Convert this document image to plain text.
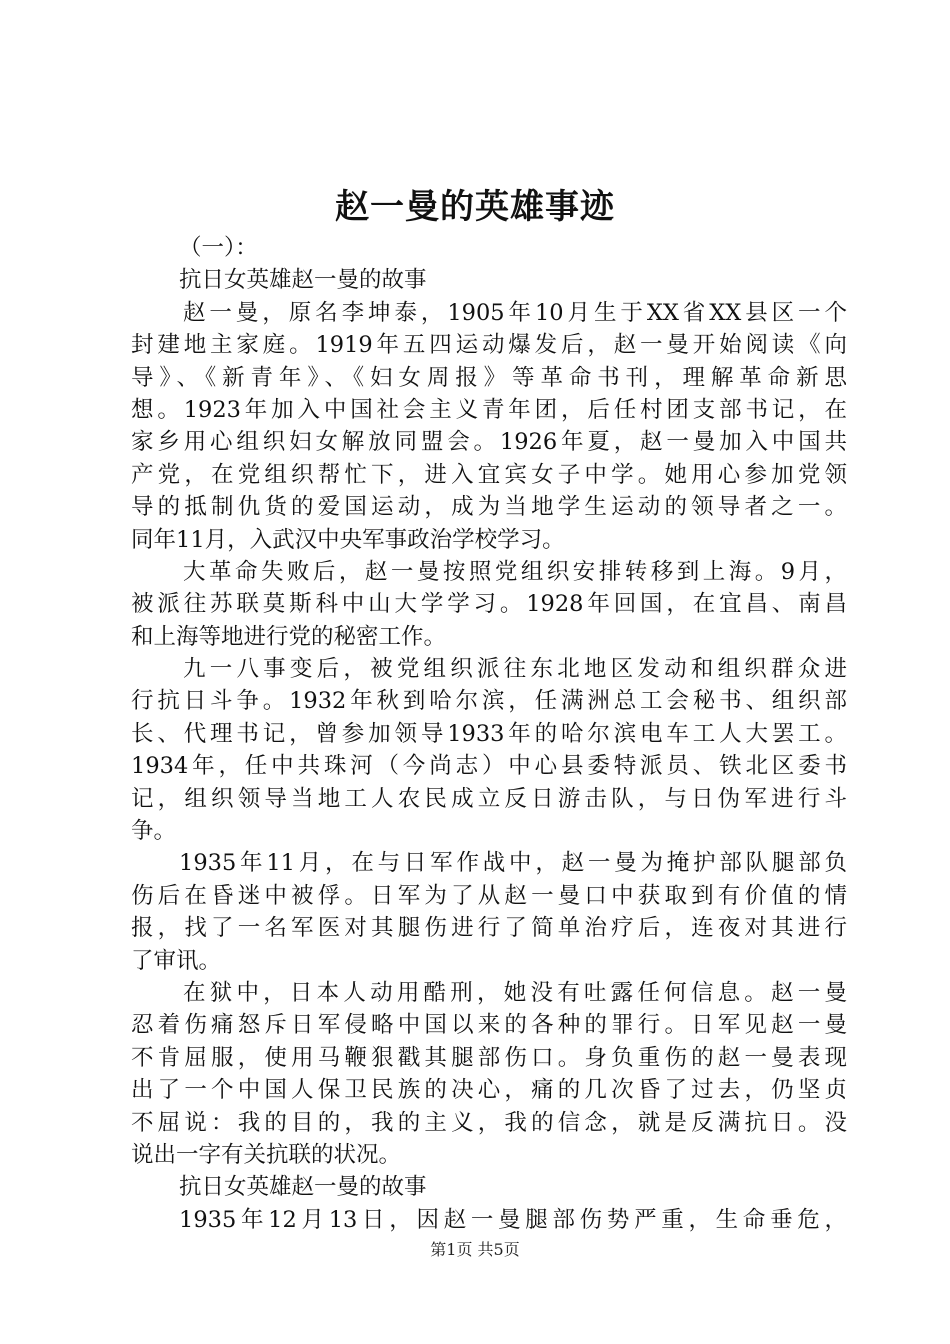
赵一曼的英雄事迹
（一）：
抗日女英雄赵一曼的故事
赵一曼，原名李坤泰，1905年10月生于XX省XX县区一个
封建地主家庭。1919年五四运动爆发后，赵一曼开始阅读《向
导》、《新青年》、《妇女周报》等革命书刊，理解革命新思
想。1923年加入中国社会主义青年团，后任村团支部书记，在
家乡用心组织妇女解放同盟会。1926年夏，赵一曼加入中国共
产党，在党组织帮忙下，进入宜宾女子中学。她用心参加党领
导的抵制仇货的爱国运动，成为当地学生运动的领导者之一。
同年11月，入武汉中央军事政治学校学习。
大革命失败后，赵一曼按照党组织安排转移到上海。9月，
被派往苏联莫斯科中山大学学习。1928年回国，在宜昌、南昌
和上海等地进行党的秘密工作。
九一八事变后，被党组织派往东北地区发动和组织群众进
行抗日斗争。1932年秋到哈尔滨，任满洲总工会秘书、组织部
长、代理书记，曾参加领导1933年的哈尔滨电车工人大罢工。
1934年，任中共珠河（今尚志）中心县委特派员、铁北区委书
记，组织领导当地工人农民成立反日游击队，与日伪军进行斗
争。
1935年11月，在与日军作战中，赵一曼为掩护部队腿部负
伤后在昏迷中被俘。日军为了从赵一曼口中获取到有价值的情
报，找了一名军医对其腿伤进行了简单治疗后，连夜对其进行
了审讯。
在狱中，日本人动用酷刑，她没有吐露任何信息。赵一曼
忍着伤痛怒斥日军侵略中国以来的各种的罪行。日军见赵一曼
不肯屈服，使用马鞭狠戳其腿部伤口。身负重伤的赵一曼表现
出了一个中国人保卫民族的决心，痛的几次昏了过去，仍坚贞
不屈说：我的目的，我的主义，我的信念，就是反满抗日。没
说出一字有关抗联的状况。
抗日女英雄赵一曼的故事
1935年12月13日，因赵一曼腿部伤势严重，生命垂危，
第1页 共5页
